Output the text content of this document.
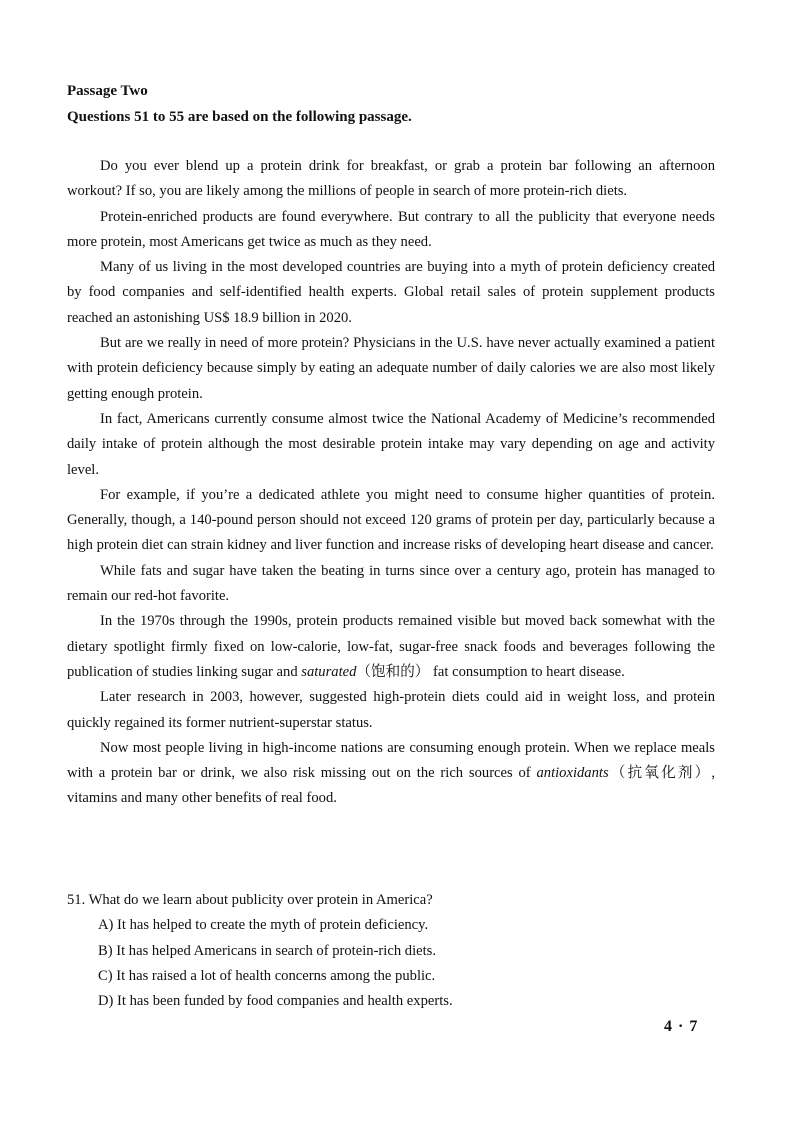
Passage Two
Questions 51 to 55 are based on the following passage.

Do you ever blend up a protein drink for breakfast, or grab a protein bar following an afternoon workout? If so, you are likely among the millions of people in search of more protein-rich diets.

Protein-enriched products are found everywhere. But contrary to all the publicity that everyone needs more protein, most Americans get twice as much as they need.

Many of us living in the most developed countries are buying into a myth of protein deficiency created by food companies and self-identified health experts. Global retail sales of protein supplement products reached an astonishing US$ 18.9 billion in 2020.

But are we really in need of more protein? Physicians in the U.S. have never actually examined a patient with protein deficiency because simply by eating an adequate number of daily calories we are also most likely getting enough protein.

In fact, Americans currently consume almost twice the National Academy of Medicine’s recommended daily intake of protein although the most desirable protein intake may vary depending on age and activity level.

For example, if you’re a dedicated athlete you might need to consume higher quantities of protein. Generally, though, a 140-pound person should not exceed 120 grams of protein per day, particularly because a high protein diet can strain kidney and liver function and increase risks of developing heart disease and cancer.

While fats and sugar have taken the beating in turns since over a century ago, protein has managed to remain our red-hot favorite.

In the 1970s through the 1990s, protein products remained visible but moved back somewhat with the dietary spotlight firmly fixed on low-calorie, low-fat, sugar-free snack foods and beverages following the publication of studies linking sugar and saturated（饱和的） fat consumption to heart disease.

Later research in 2003, however, suggested high-protein diets could aid in weight loss, and protein quickly regained its former nutrient-superstar status.

Now most people living in high-income nations are consuming enough protein. When we replace meals with a protein bar or drink, we also risk missing out on the rich sources of antioxidants（抗氧化剂）, vitamins and many other benefits of real food.

51. What do we learn about publicity over protein in America?

A) It has helped to create the myth of protein deficiency.
B) It has helped Americans in search of protein-rich diets.
C) It has raised a lot of health concerns among the public.
D) It has been funded by food companies and health experts.
4 · 7
